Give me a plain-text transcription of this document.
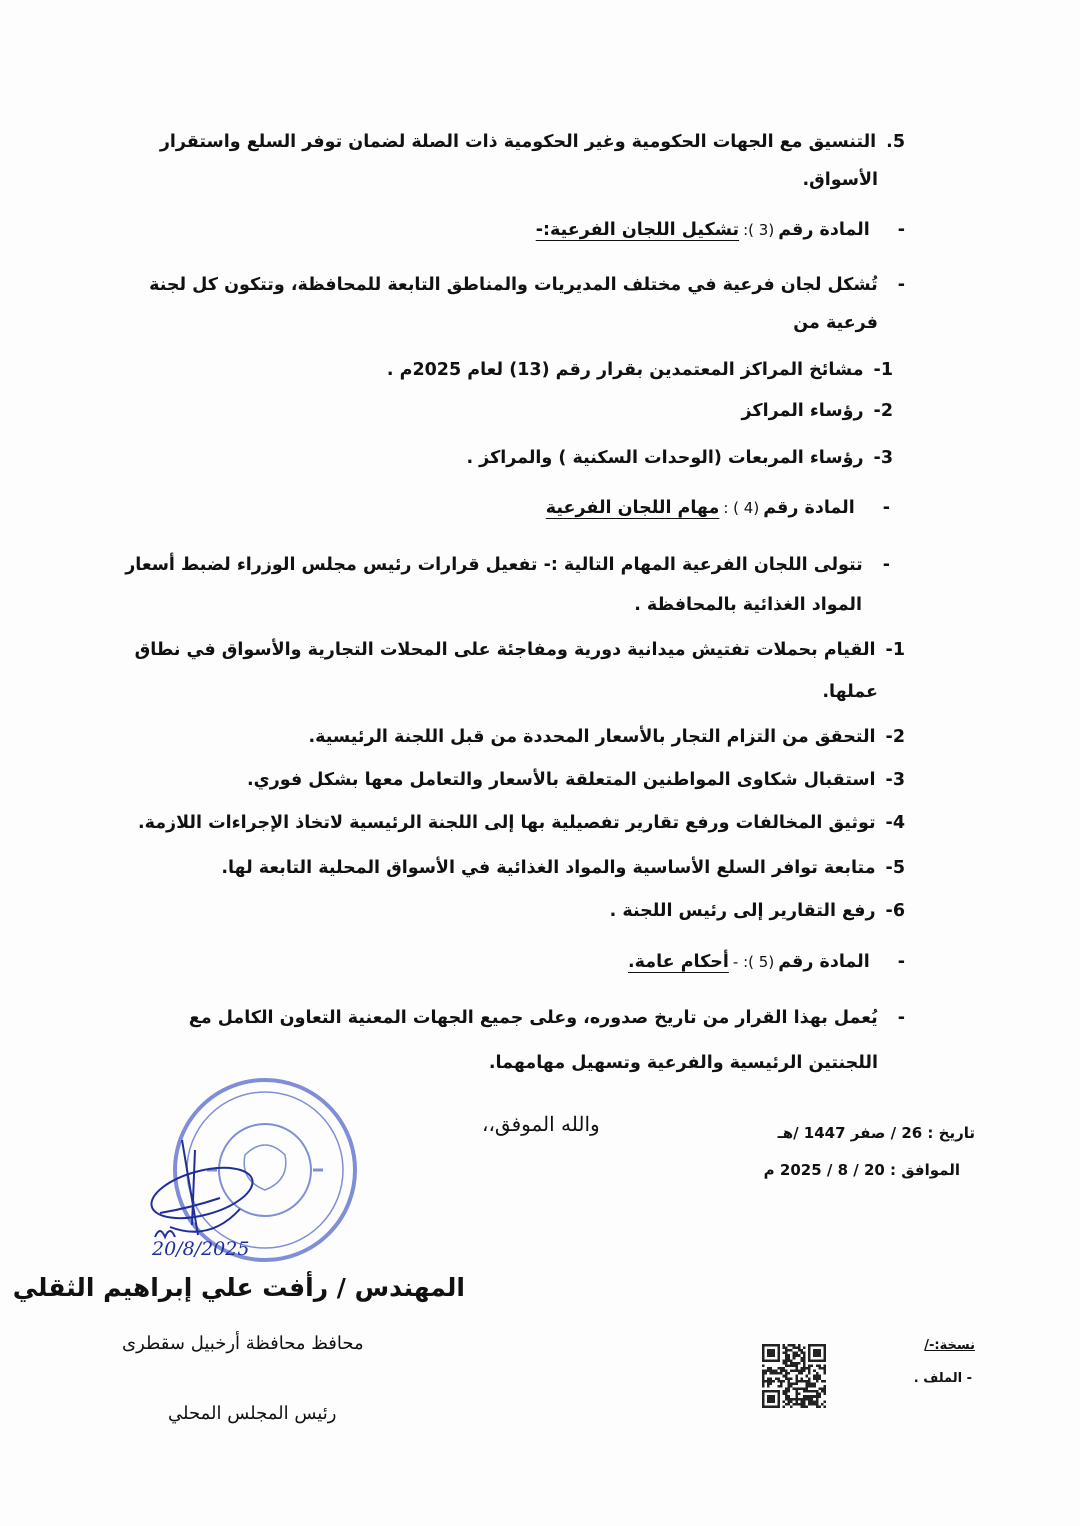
5.التنسيق مع الجهات الحكومية وغير الحكومية ذات الصلة لضمان توفر السلع واستقرار
الأسواق.
-المادة رقم(3 ):تشكيل اللجان الفرعية:-
-تُشكل لجان فرعية في مختلف المديريات والمناطق التابعة للمحافظة، وتتكون كل لجنة
فرعية من
1-مشائخ المراكز المعتمدين بقرار رقم (13) لعام 2025م .
2-رؤساء المراكز
3-رؤساء المربعات (الوحدات السكنية ) والمراكز .
-المادة رقم(4 ) :مهام اللجان الفرعية
-تتولى اللجان الفرعية المهام التالية :- تفعيل قرارات رئيس مجلس الوزراء لضبط أسعار
المواد الغذائية بالمحافظة .
1-القيام بحملات تفتيش ميدانية دورية ومفاجئة على المحلات التجارية والأسواق في نطاق
عملها.
2-التحقق من التزام التجار بالأسعار المحددة من قبل اللجنة الرئيسية.
3-استقبال شكاوى المواطنين المتعلقة بالأسعار والتعامل معها بشكل فوري.
4-توثيق المخالفات ورفع تقارير تفصيلية بها إلى اللجنة الرئيسية لاتخاذ الإجراءات اللازمة.
5-متابعة توافر السلع الأساسية والمواد الغذائية في الأسواق المحلية التابعة لها.
6-رفع التقارير إلى رئيس اللجنة .
-المادة رقم(5 ): -أحكام عامة.
-يُعمل بهذا القرار من تاريخ صدوره، وعلى جميع الجهات المعنية التعاون الكامل مع
اللجنتين الرئيسية والفرعية وتسهيل مهامهما.
تاريخ : 26 / صفر 1447 /هـ
الموافق : 20 / 8 / 2025 م
والله الموفق،،
20/8/2025
المهندس / رأفت علي إبراهيم الثقلي
محافظ محافظة أرخبيل سقطرى
رئيس المجلس المحلي
نسخة:-/
- الملف .
